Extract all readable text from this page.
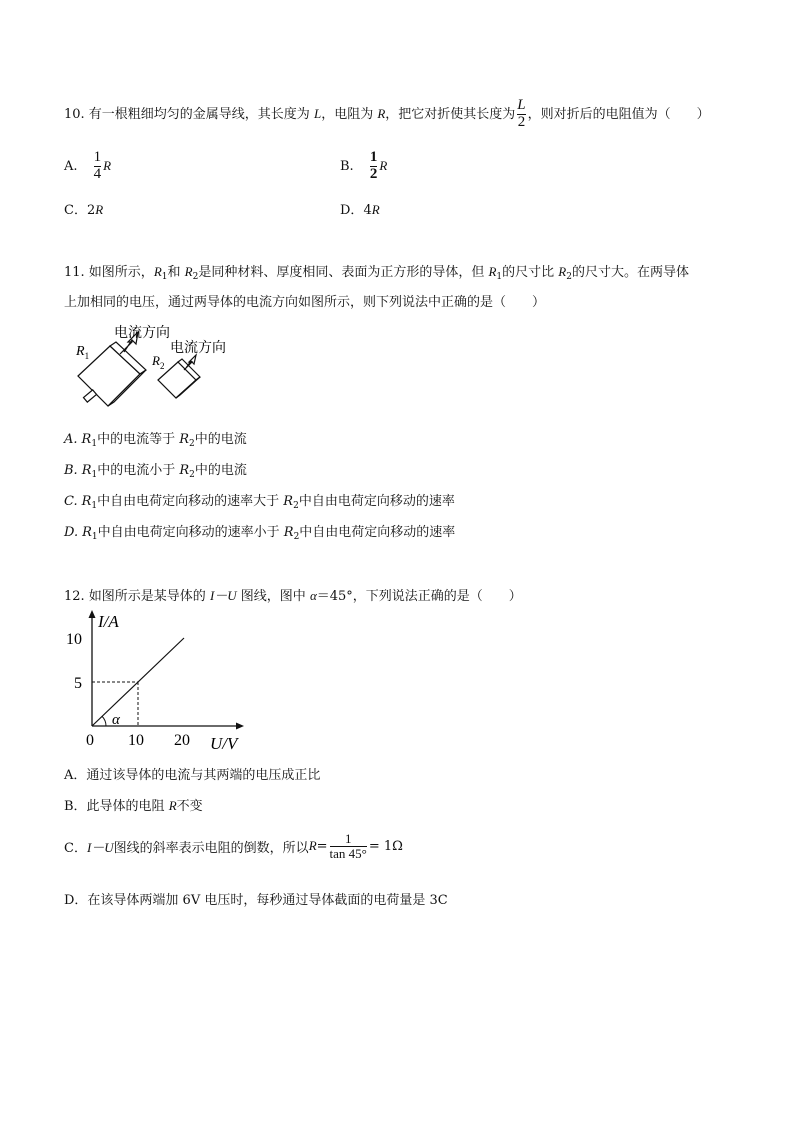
10. 有一根粗细均匀的金属导线，其长度为 L，电阻为 R，把它对折使其长度为 $\frac{L}{2}$ ，则对折后的电阻值为（　　）
A. $\frac{1}{4}$ R	B. $\frac{1}{2}$ R
C．2R	D．4R
11. 如图所示，$R_1$和 $R_2$是同种材料、厚度相同、表面为正方形的导体，但 $R_1$的尺寸比 $R_2$的尺寸大。在两导体
上加相同的电压，通过两导体的电流方向如图所示，则下列说法中正确的是（　　）
$R_1$
电流方向
$R_2$
电流方向
A. $R_1$中的电流等于 $R_2$中的电流
B. $R_1$中的电流小于 $R_2$中的电流
C. $R_1$中自由电荷定向移动的速率大于 $R_2$中自由电荷定向移动的速率
D. $R_1$中自由电荷定向移动的速率小于 $R_2$中自由电荷定向移动的速率
12. 如图所示是某导体的 I－U 图线，图中 α＝45°，下列说法正确的是（　　）
α
10
5
0 10 20
I/A
U/V
A．通过该导体的电流与其两端的电压成正比
B．此导体的电阻 R不变
C． I－U 图线的斜率表示电阻的倒数，所以 $R = \frac{1}{\tan 45^\circ} = 1\Omega$
D．在该导体两端加 6V 电压时，每秒通过导体截面的电荷量是 3C
